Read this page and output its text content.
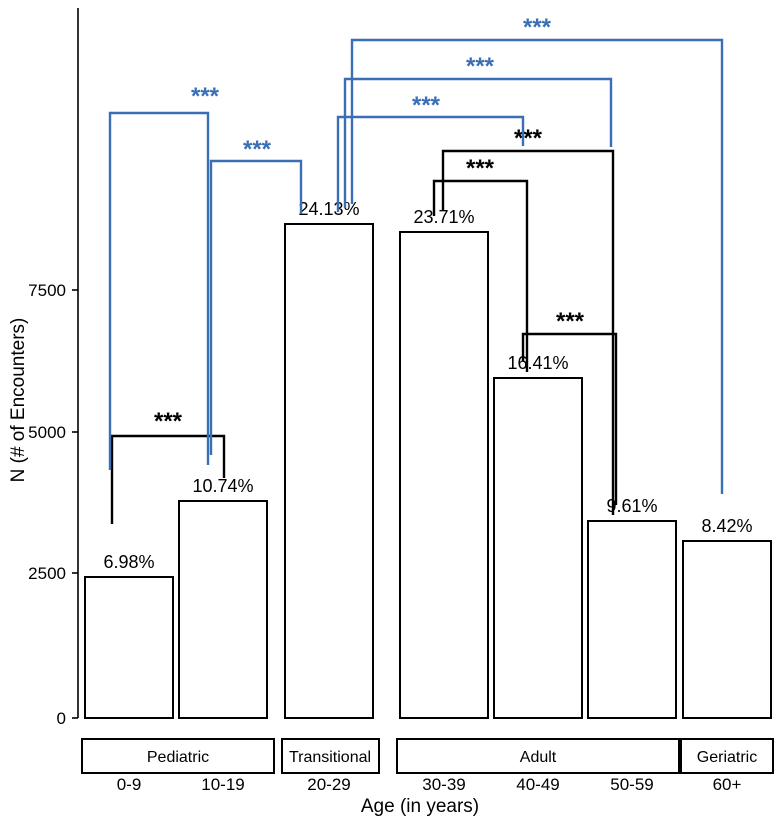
0
2500
5000
7500
N (# of Encounters)
Age (in years)
6.98%
10.74%
24.13%	23.71%
16.41%
9.61%
8.42%
***
***
***
***
***
***
***
***
***
Pediatric	Transitional	Adult	Geriatric
0-9	10-19	20-29	30-39	40-49	50-59	60+
